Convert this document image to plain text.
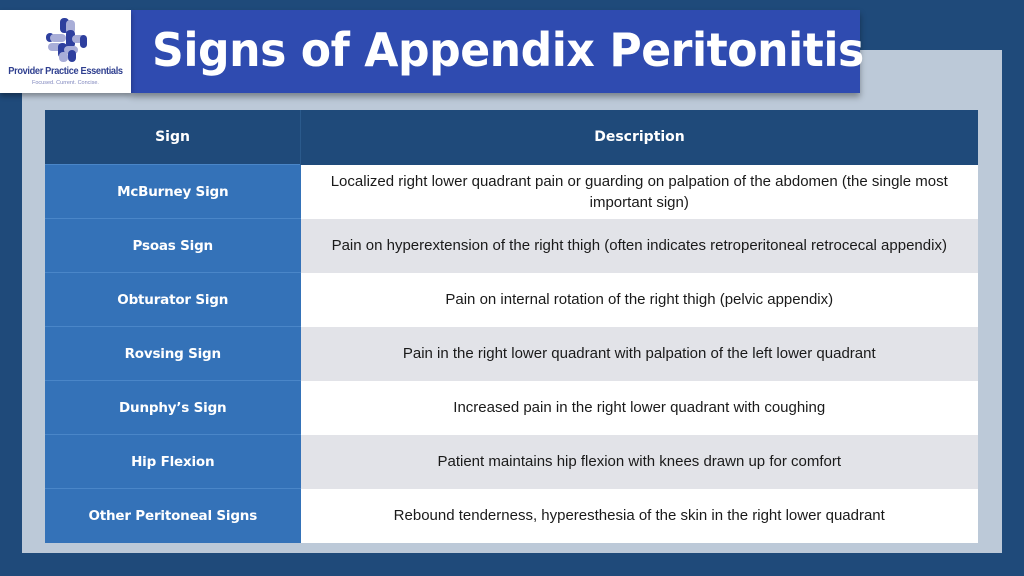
Provider Practice Essentials
Focused. Current. Concise.
Signs of Appendix Peritonitis
Sign	Description
McBurney Sign	Localized right lower quadrant pain or guarding on palpation of the abdomen (the single most important sign)
Psoas Sign	Pain on hyperextension of the right thigh (often indicates retroperitoneal retrocecal appendix)
Obturator Sign	Pain on internal rotation of the right thigh (pelvic appendix)
Rovsing Sign	Pain in the right lower quadrant with palpation of the left lower quadrant
Dunphy’s Sign	Increased pain in the right lower quadrant with coughing
Hip Flexion	Patient maintains hip flexion with knees drawn up for comfort
Other Peritoneal Signs	Rebound tenderness, hyperesthesia of the skin in the right lower quadrant
